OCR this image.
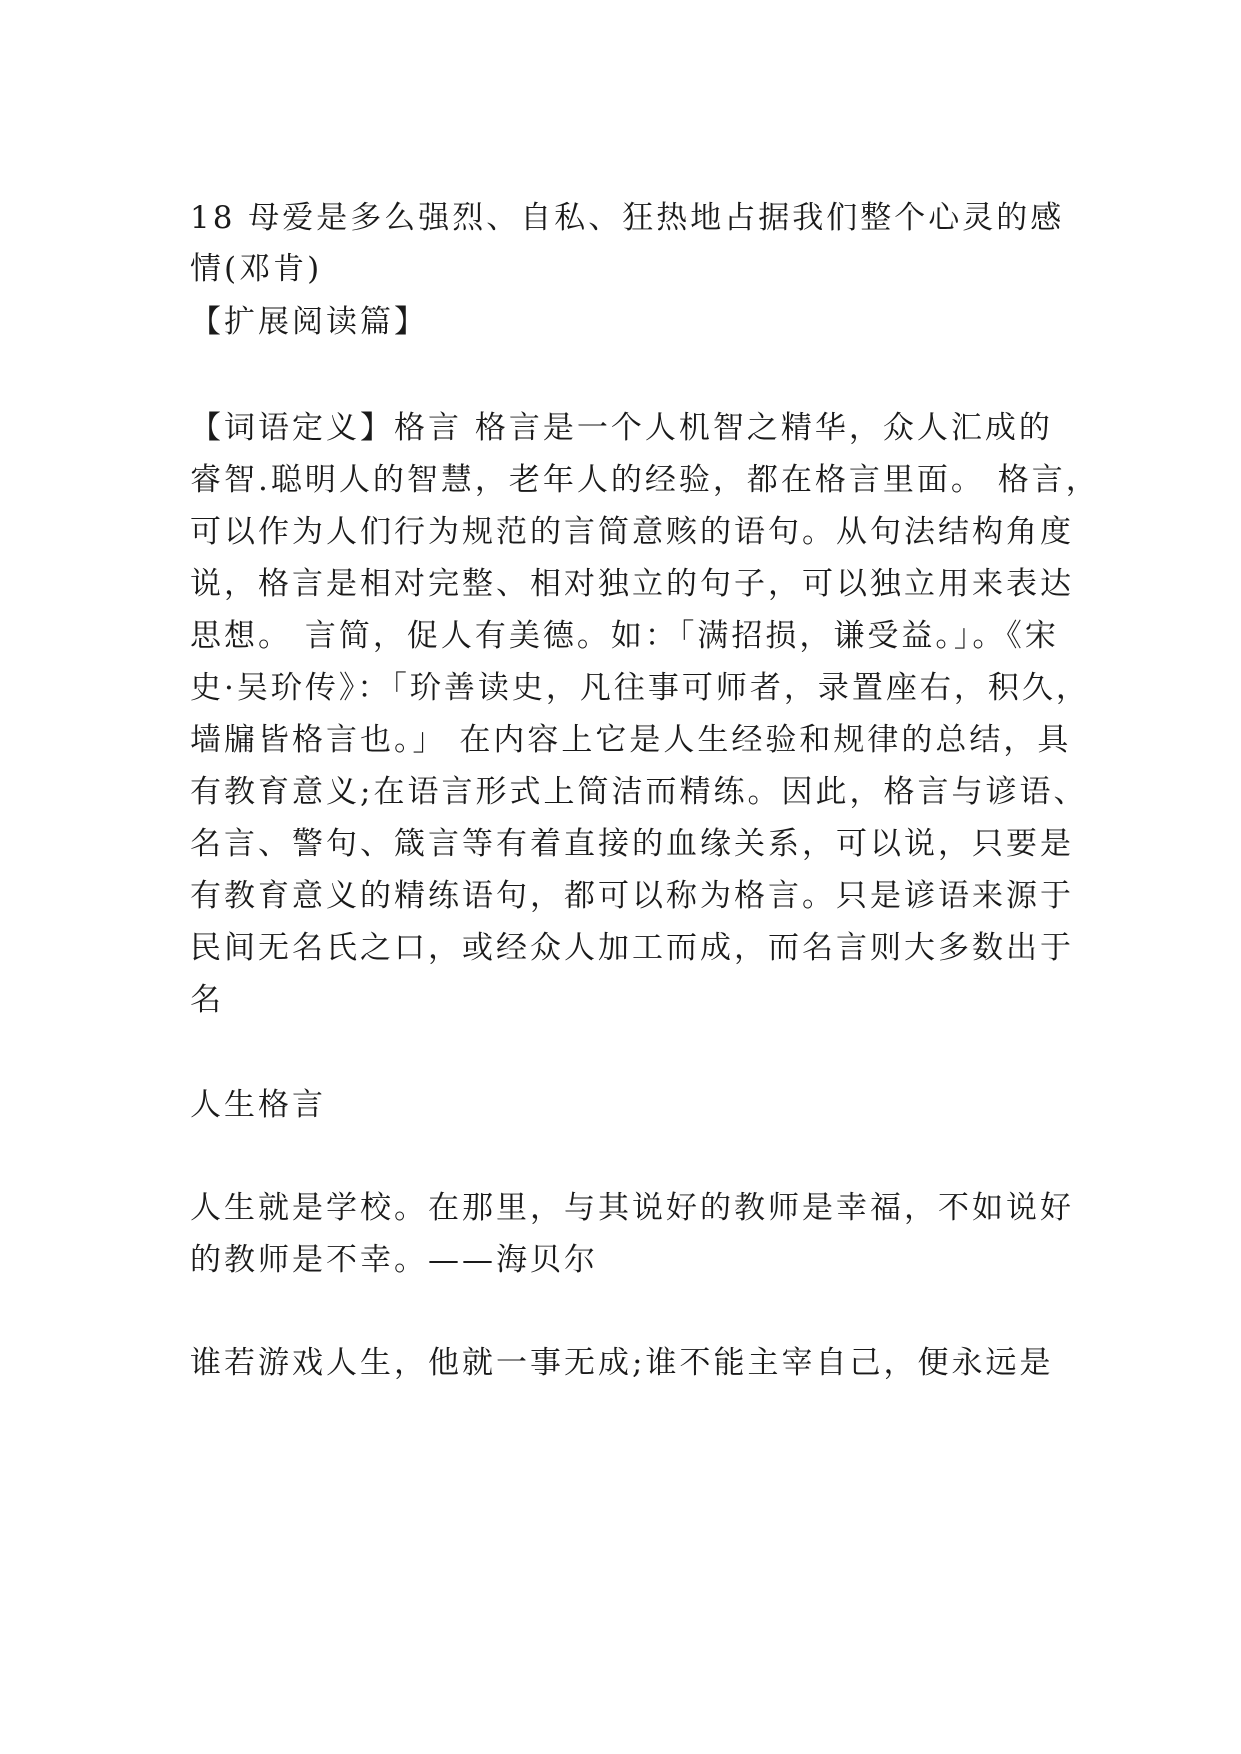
18 母爱是多么强烈、自私、狂热地占据我们整个心灵的感
情(邓肯)
【扩展阅读篇】
【词语定义】格言 格言是一个人机智之精华，众人汇成的
睿智.聪明人的智慧，老年人的经验，都在格言里面。 格言，
可以作为人们行为规范的言简意赅的语句。从句法结构角度
说，格言是相对完整、相对独立的句子，可以独立用来表达
思想。 言简，促人有美德。如：「满招损，谦受益。」。《宋
史·吴玠传》：「玠善读史，凡往事可师者，录置座右，积久，
墙牖皆格言也。」 在内容上它是人生经验和规律的总结，具
有教育意义;在语言形式上简洁而精练。因此，格言与谚语、
名言、警句、箴言等有着直接的血缘关系，可以说，只要是
有教育意义的精练语句，都可以称为格言。只是谚语来源于
民间无名氏之口，或经众人加工而成，而名言则大多数出于
名
人生格言
人生就是学校。在那里，与其说好的教师是幸福，不如说好
的教师是不幸。——海贝尔
谁若游戏人生，他就一事无成;谁不能主宰自己，便永远是
